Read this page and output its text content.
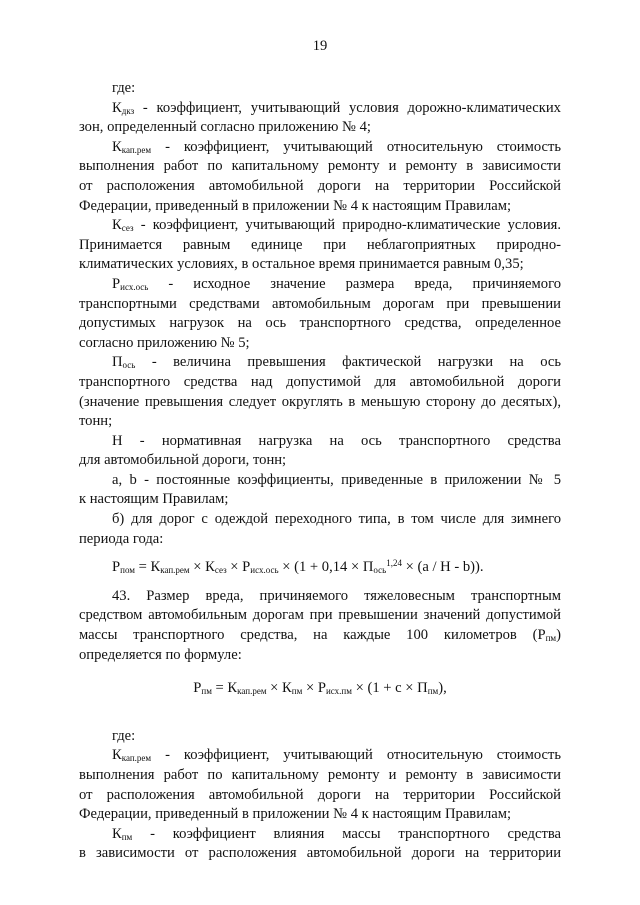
19
где:
$К_{дкз}$ - коэффициент, учитывающий условия дорожно-климатических
зон, определенный согласно приложению № 4;
$К_{кап.рем}$ - коэффициент, учитывающий относительную стоимость
выполнения работ по капитальному ремонту и ремонту в зависимости
от расположения автомобильной дороги на территории Российской
Федерации, приведенный в приложении № 4 к настоящим Правилам;
$К_{сез}$ - коэффициент, учитывающий природно-климатические условия.
Принимается равным единице при неблагоприятных природно-
климатических условиях, в остальное время принимается равным 0,35;
$Р_{исх.ось}$ - исходное значение размера вреда, причиняемого
транспортными средствами автомобильным дорогам при превышении
допустимых нагрузок на ось транспортного средства, определенное
согласно приложению № 5;
$П_{ось}$ - величина превышения фактической нагрузки на ось
транспортного средства над допустимой для автомобильной дороги
(значение превышения следует округлять в меньшую сторону до десятых),
тонн;
Н - нормативная нагрузка на ось транспортного средства
для автомобильной дороги, тонн;
а, b - постоянные коэффициенты, приведенные в приложении № 5
к настоящим Правилам;
б) для дорог с одеждой переходного типа, в том числе для зимнего
периода года:
$Р_{пом} = К_{кап.рем} \times К_{сез} \times Р_{исх.ось} \times (1 + 0,14 \times П_{ось}^{1,24} \times (а / Н - b))$.
43. Размер вреда, причиняемого тяжеловесным транспортным
средством автомобильным дорогам при превышении значений допустимой
массы транспортного средства, на каждые 100 километров $(Р_{пм})$
определяется по формуле:
$Р_{пм} = К_{кап.рем} \times К_{пм} \times Р_{исх.пм} \times (1 + с \times П_{пм})$,
где:
$К_{кап.рем}$ - коэффициент, учитывающий относительную стоимость
выполнения работ по капитальному ремонту и ремонту в зависимости
от расположения автомобильной дороги на территории Российской
Федерации, приведенный в приложении № 4 к настоящим Правилам;
$К_{пм}$ - коэффициент влияния массы транспортного средства
в зависимости от расположения автомобильной дороги на территории
